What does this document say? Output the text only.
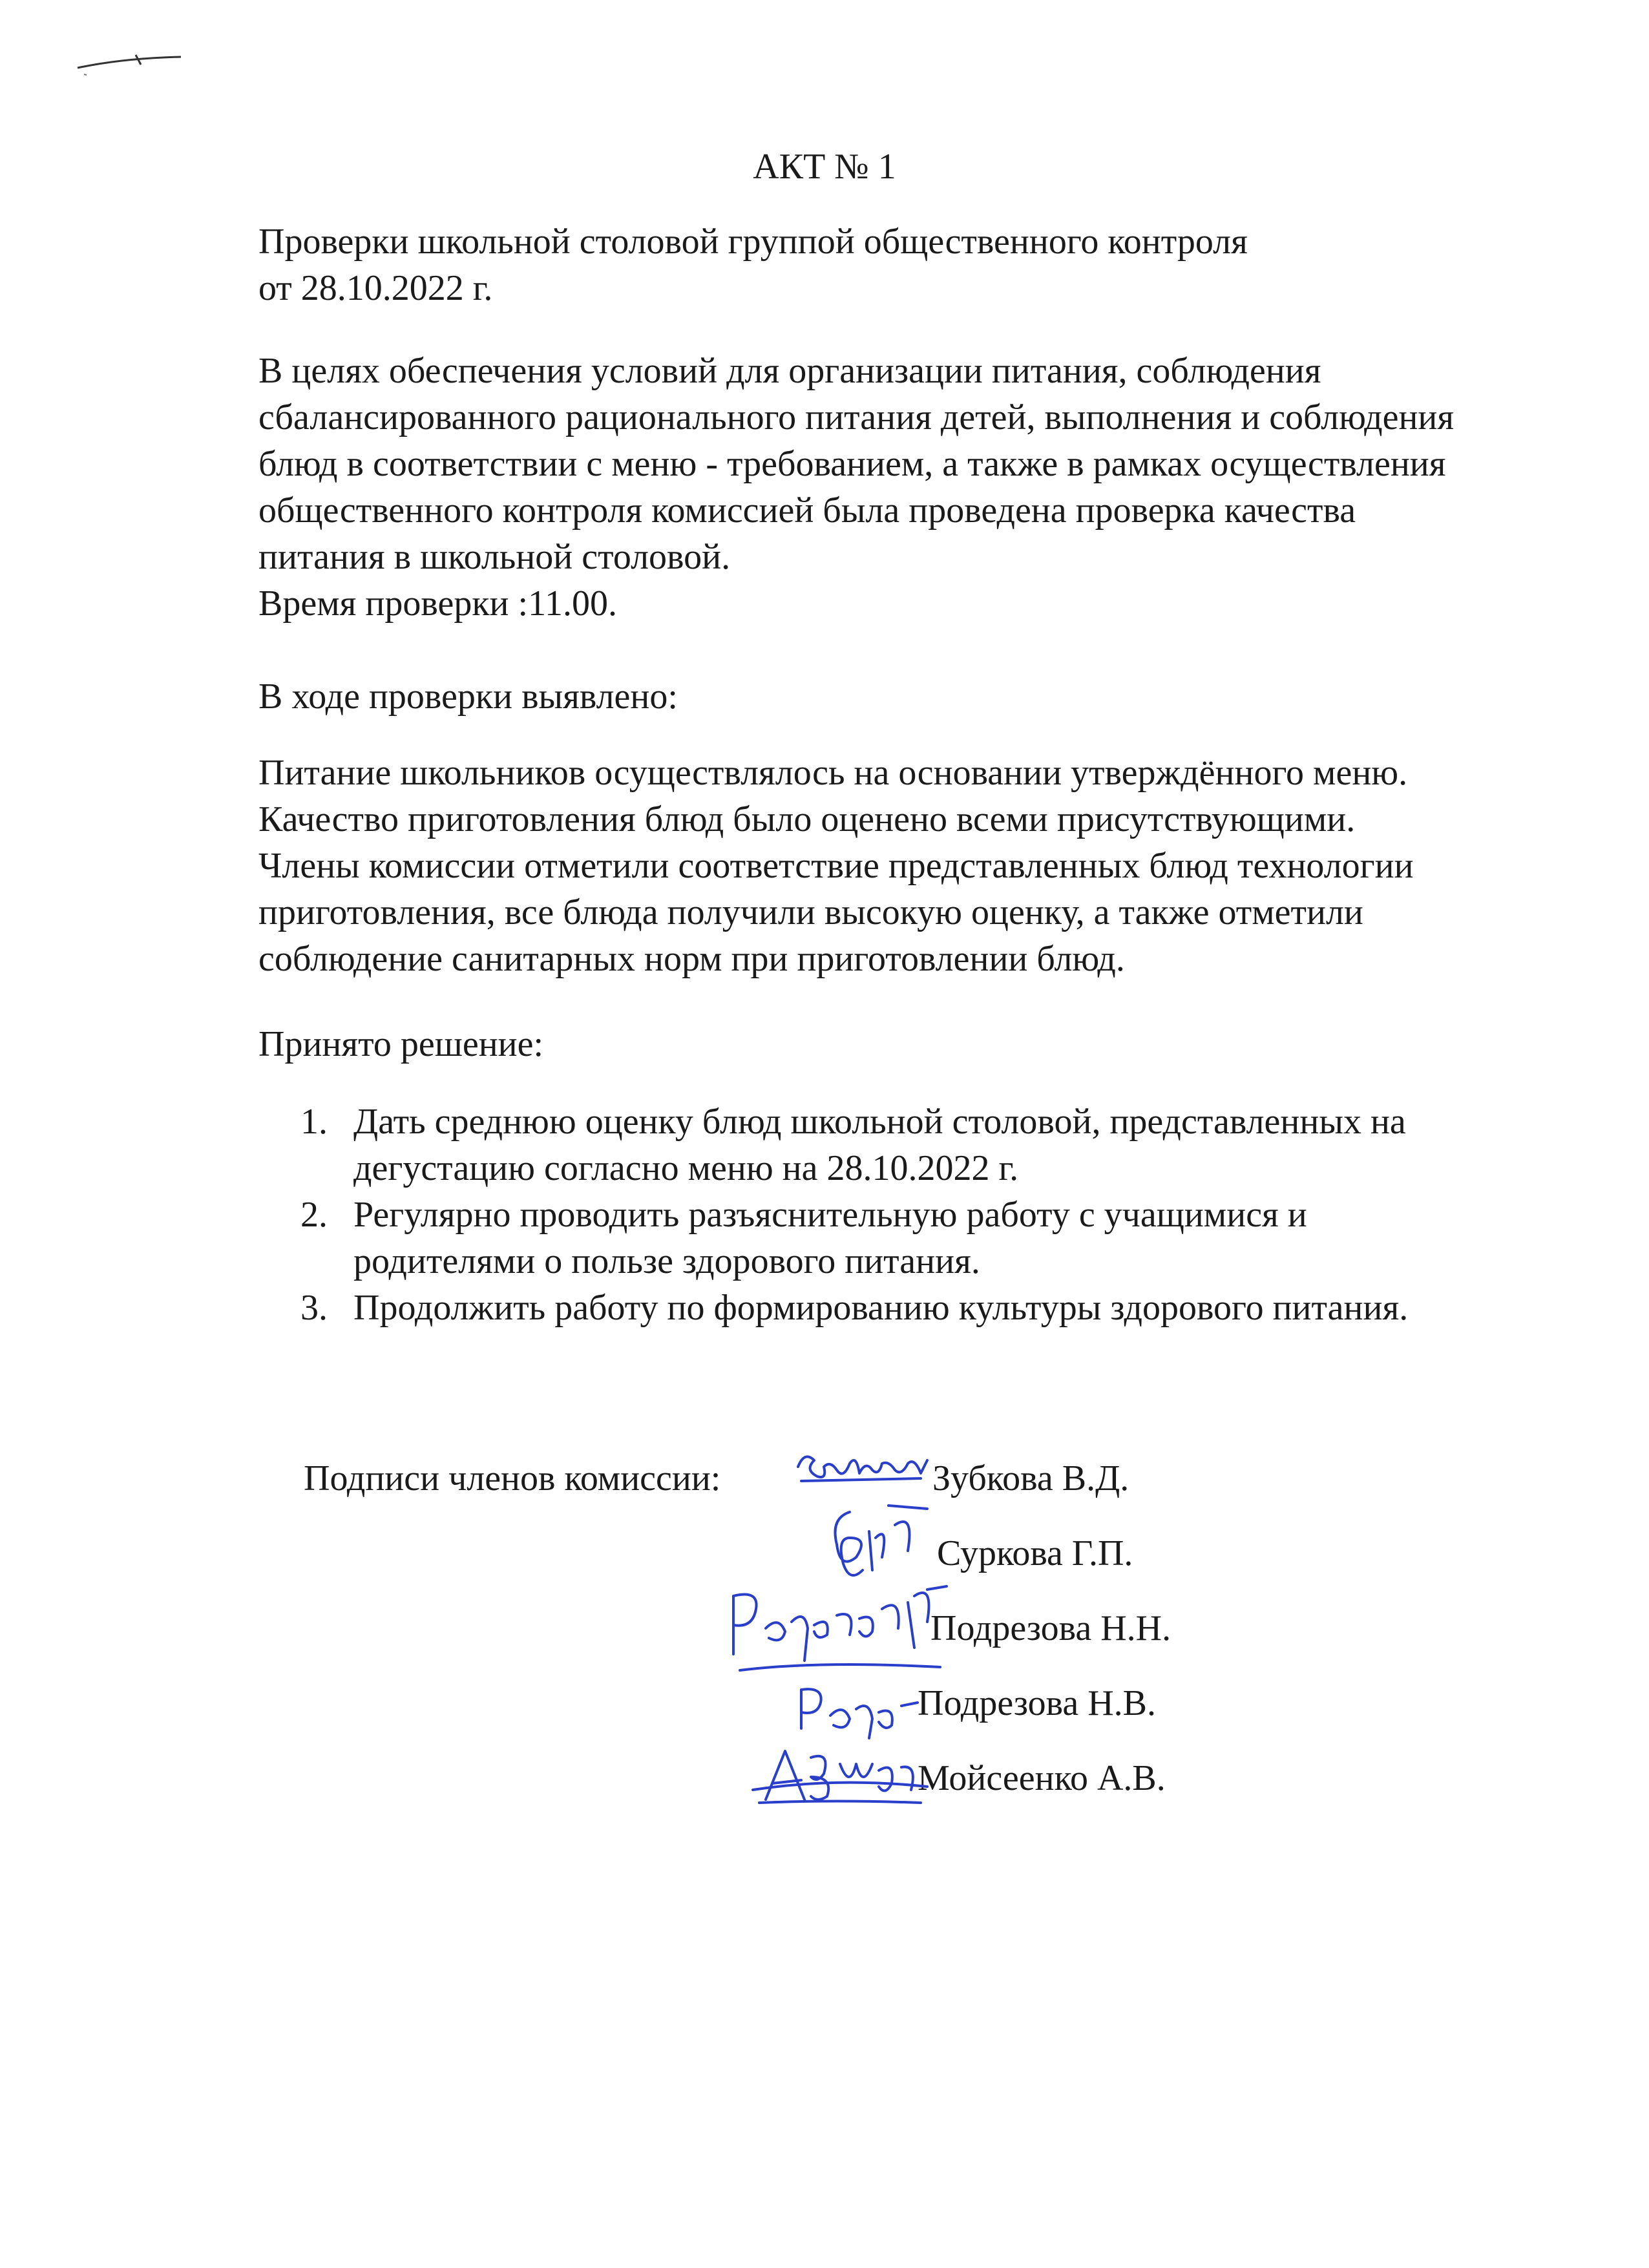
АКТ № 1
Проверки школьной столовой группой общественного контроля
от 28.10.2022 г.
В целях обеспечения условий для организации питания, соблюдения
сбалансированного рационального питания детей, выполнения и соблюдения
блюд в соответствии с меню - требованием, а также в рамках осуществления
общественного контроля комиссией была проведена проверка качества
питания в школьной столовой.
Время проверки :11.00.
В ходе проверки выявлено:
Питание школьников осуществлялось на основании утверждённого меню.
Качество приготовления блюд было оценено всеми присутствующими.
Члены комиссии отметили соответствие представленных блюд технологии
приготовления, все блюда получили высокую оценку, а также отметили
соблюдение санитарных норм при приготовлении блюд.
Принято решение:
1. Дать среднюю оценку блюд школьной столовой, представленных на
дегустацию согласно меню на 28.10.2022 г.
2. Регулярно проводить разъяснительную работу с учащимися и
родителями о пользе здорового питания.
3. Продолжить работу по формированию культуры здорового питания.
Подписи членов комиссии:	Зубкова В.Д.
Суркова Г.П.
Подрезова Н.Н.
Подрезова Н.В.
Мойсеенко А.В.
